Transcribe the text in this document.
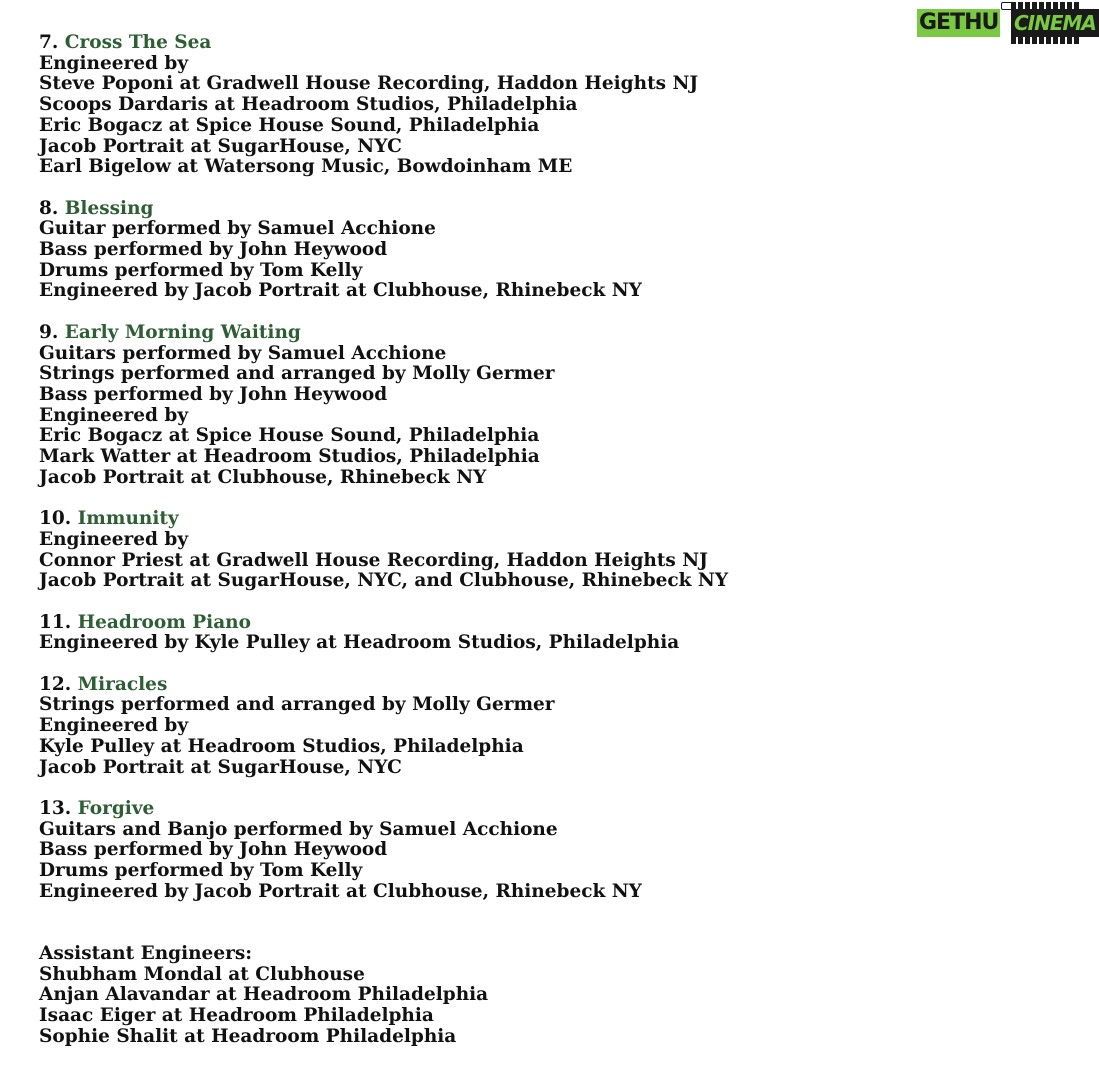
GETHU CINEMA
7. Cross The Sea
Engineered by
Steve Poponi at Gradwell House Recording, Haddon Heights NJ
Scoops Dardaris at Headroom Studios, Philadelphia
Eric Bogacz at Spice House Sound, Philadelphia
Jacob Portrait at SugarHouse, NYC
Earl Bigelow at Watersong Music, Bowdoinham ME
8. Blessing
Guitar performed by Samuel Acchione
Bass performed by John Heywood
Drums performed by Tom Kelly
Engineered by Jacob Portrait at Clubhouse, Rhinebeck NY
9. Early Morning Waiting
Guitars performed by Samuel Acchione
Strings performed and arranged by Molly Germer
Bass performed by John Heywood
Engineered by
Eric Bogacz at Spice House Sound, Philadelphia
Mark Watter at Headroom Studios, Philadelphia
Jacob Portrait at Clubhouse, Rhinebeck NY
10. Immunity
Engineered by
Connor Priest at Gradwell House Recording, Haddon Heights NJ
Jacob Portrait at SugarHouse, NYC, and Clubhouse, Rhinebeck NY
11. Headroom Piano
Engineered by Kyle Pulley at Headroom Studios, Philadelphia
12. Miracles
Strings performed and arranged by Molly Germer
Engineered by
Kyle Pulley at Headroom Studios, Philadelphia
Jacob Portrait at SugarHouse, NYC
13. Forgive
Guitars and Banjo performed by Samuel Acchione
Bass performed by John Heywood
Drums performed by Tom Kelly
Engineered by Jacob Portrait at Clubhouse, Rhinebeck NY
Assistant Engineers:
Shubham Mondal at Clubhouse
Anjan Alavandar at Headroom Philadelphia
Isaac Eiger at Headroom Philadelphia
Sophie Shalit at Headroom Philadelphia
